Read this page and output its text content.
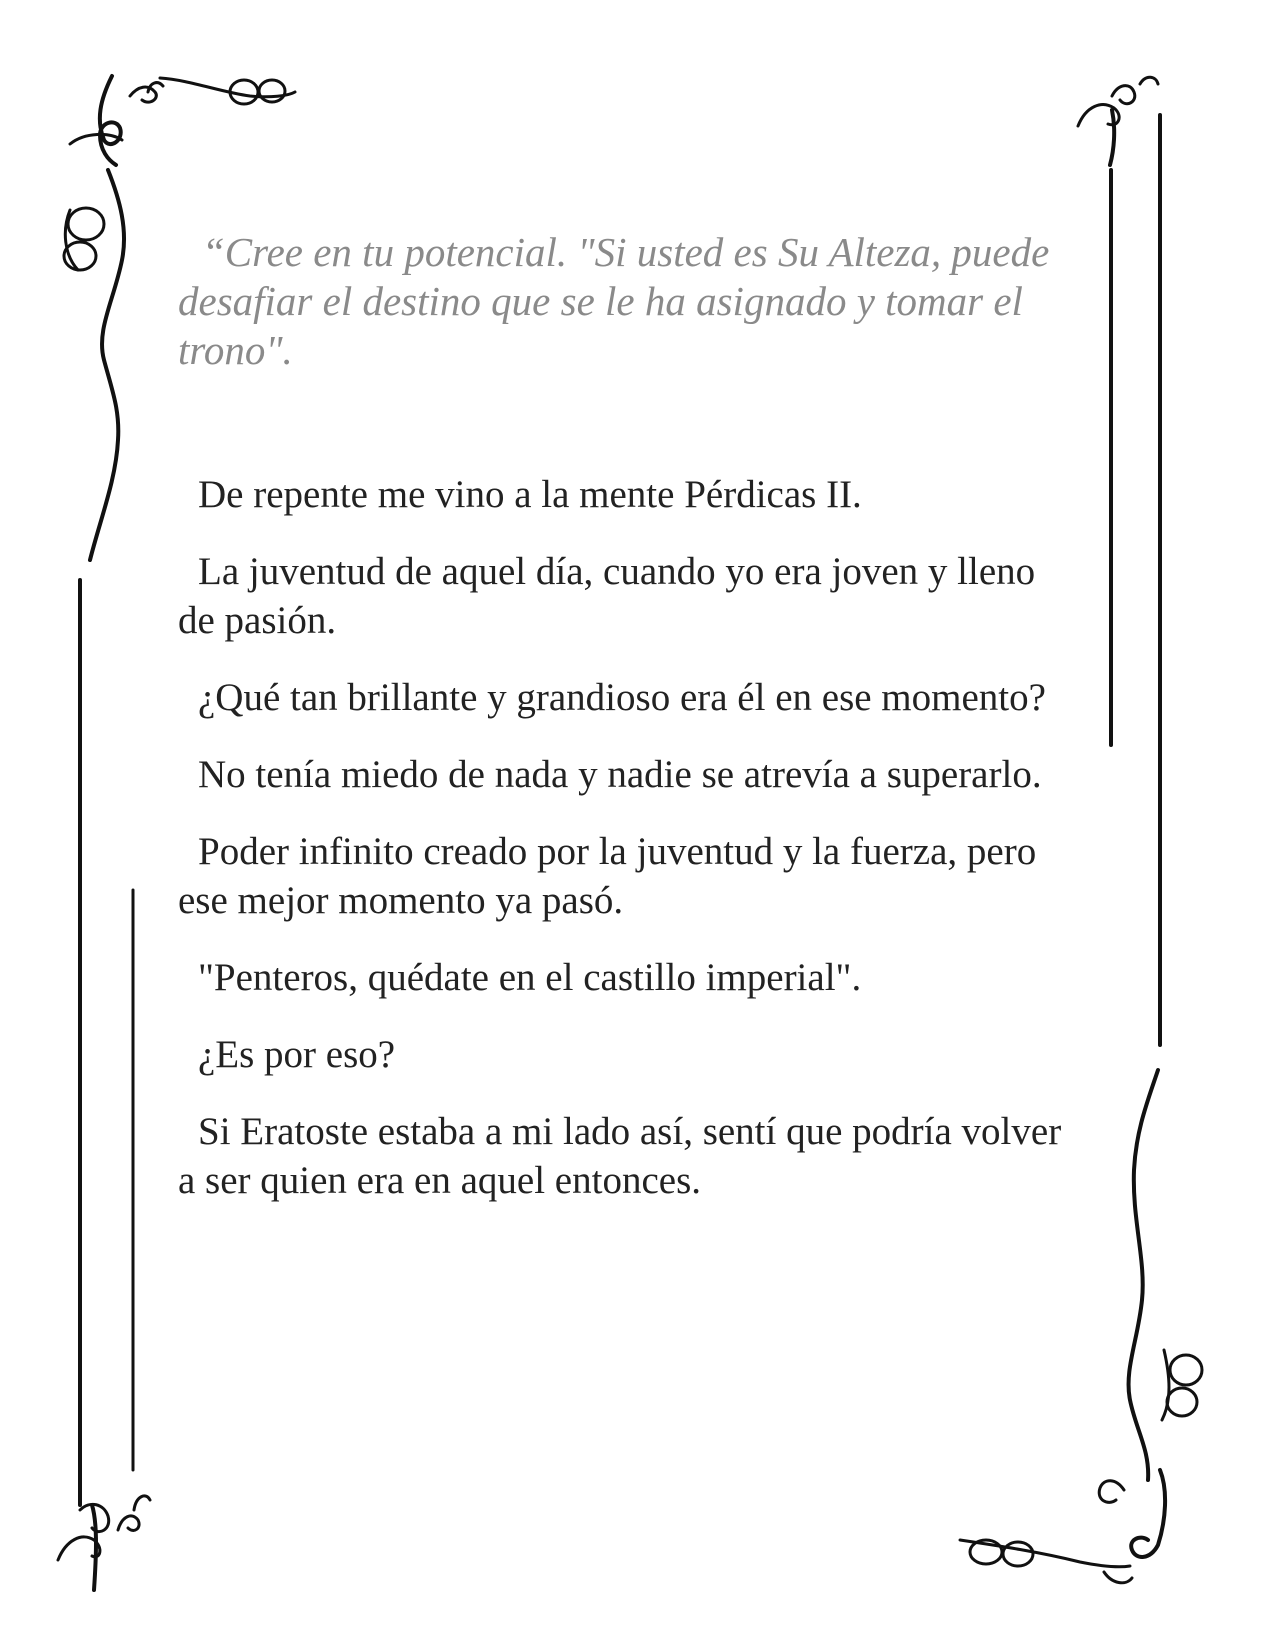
“Cree en tu potencial. "Si usted es Su Alteza, puede desafiar el destino que se le ha asignado y tomar el trono".

De repente me vino a la mente Pérdicas II.

La juventud de aquel día, cuando yo era joven y lleno de pasión.

¿Qué tan brillante y grandioso era él en ese momento?

No tenía miedo de nada y nadie se atrevía a superarlo.

Poder infinito creado por la juventud y la fuerza, pero ese mejor momento ya pasó.

"Penteros, quédate en el castillo imperial".

¿Es por eso?

Si Eratoste estaba a mi lado así, sentí que podría volver a ser quien era en aquel entonces.
